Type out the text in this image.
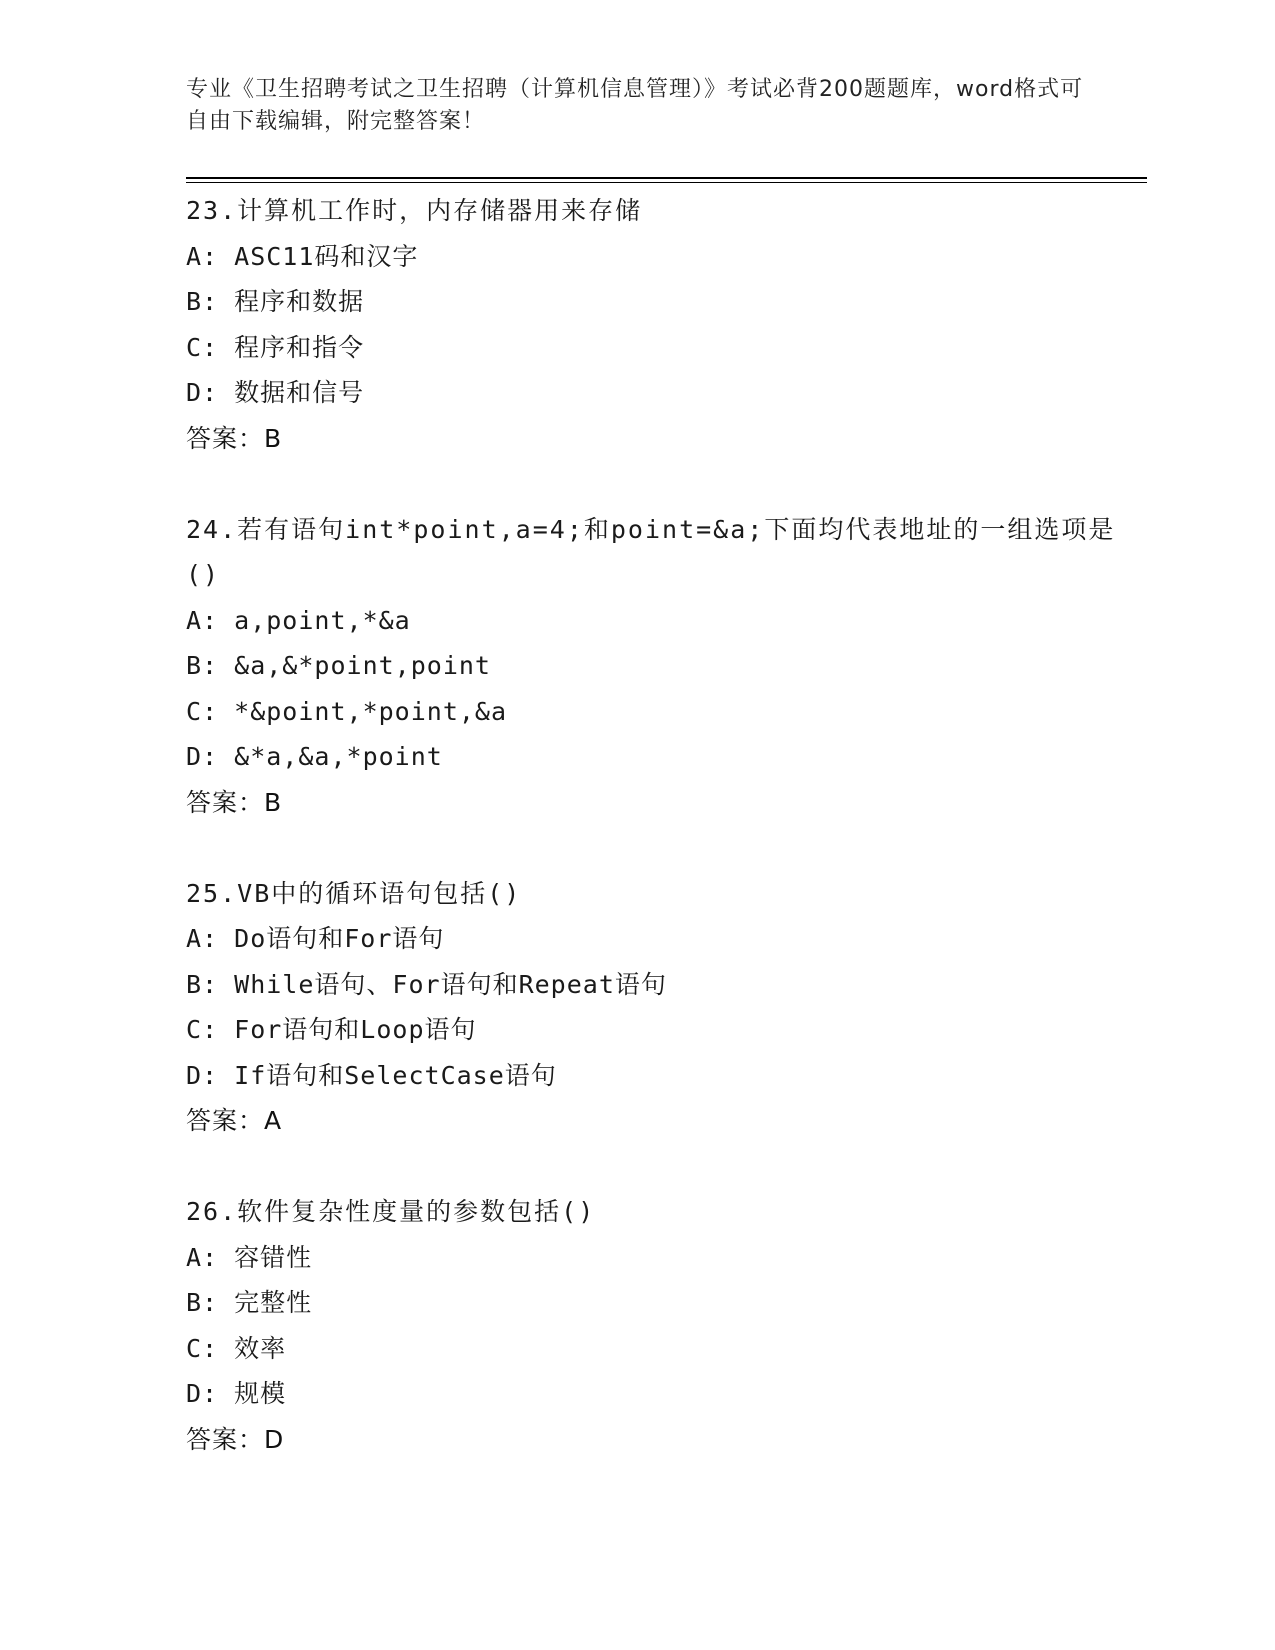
专业《卫生招聘考试之卫生招聘（计算机信息管理）》考试必背200题题库，word格式可自由下载编辑，附完整答案！
23.计算机工作时，内存储器用来存储
A: ASC11码和汉字
B: 程序和数据
C: 程序和指令
D: 数据和信号
答案：B
24.若有语句int*point,a=4;和point=&a;下面均代表地址的一组选项是()
A: a,point,*&a
B: &a,&*point,point
C: *&point,*point,&a
D: &*a,&a,*point
答案：B
25.VB中的循环语句包括()
A: Do语句和For语句
B: While语句、For语句和Repeat语句
C: For语句和Loop语句
D: If语句和SelectCase语句
答案：A
26.软件复杂性度量的参数包括()
A: 容错性
B: 完整性
C: 效率
D: 规模
答案：D
